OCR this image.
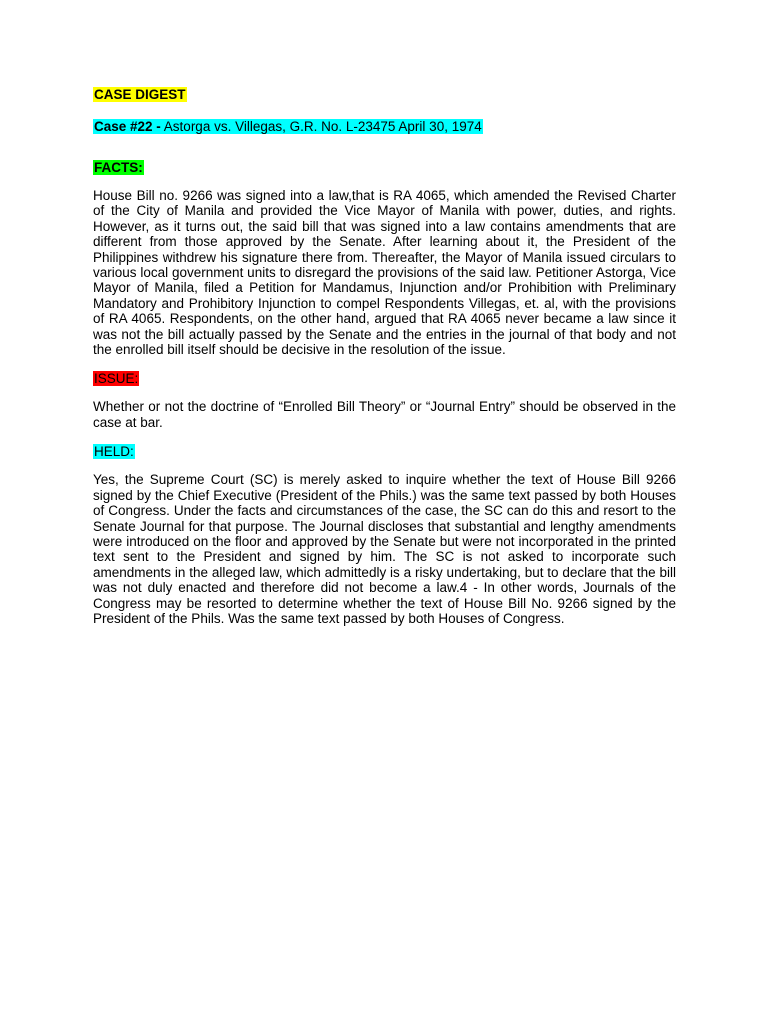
CASE DIGEST

Case #22 - Astorga vs. Villegas, G.R. No. L-23475 April 30, 1974

FACTS:

House Bill no. 9266 was signed into a law,that is RA 4065, which amended the Revised Charter of the City of Manila and provided the Vice Mayor of Manila with power, duties, and rights. However, as it turns out, the said bill that was signed into a law contains amendments that are different from those approved by the Senate. After learning about it, the President of the Philippines withdrew his signature there from. Thereafter, the Mayor of Manila issued circulars to various local government units to disregard the provisions of the said law. Petitioner Astorga, Vice Mayor of Manila, filed a Petition for Mandamus, Injunction and/or Prohibition with Preliminary Mandatory and Prohibitory Injunction to compel Respondents Villegas, et. al, with the provisions of RA 4065. Respondents, on the other hand, argued that RA 4065 never became a law since it was not the bill actually passed by the Senate and the entries in the journal of that body and not the enrolled bill itself should be decisive in the resolution of the issue.

ISSUE:

Whether or not the doctrine of “Enrolled Bill Theory” or “Journal Entry” should be observed in the case at bar.

HELD:

Yes, the Supreme Court (SC) is merely asked to inquire whether the text of House Bill 9266 signed by the Chief Executive (President of the Phils.) was the same text passed by both Houses of Congress. Under the facts and circumstances of the case, the SC can do this and resort to the Senate Journal for that purpose. The Journal discloses that substantial and lengthy amendments were introduced on the floor and approved by the Senate but were not incorporated in the printed text sent to the President and signed by him. The SC is not asked to incorporate such amendments in the alleged law, which admittedly is a risky undertaking, but to declare that the bill was not duly enacted and therefore did not become a law.4 - In other words, Journals of the Congress may be resorted to determine whether the text of House Bill No. 9266 signed by the President of the Phils. Was the same text passed by both Houses of Congress.
